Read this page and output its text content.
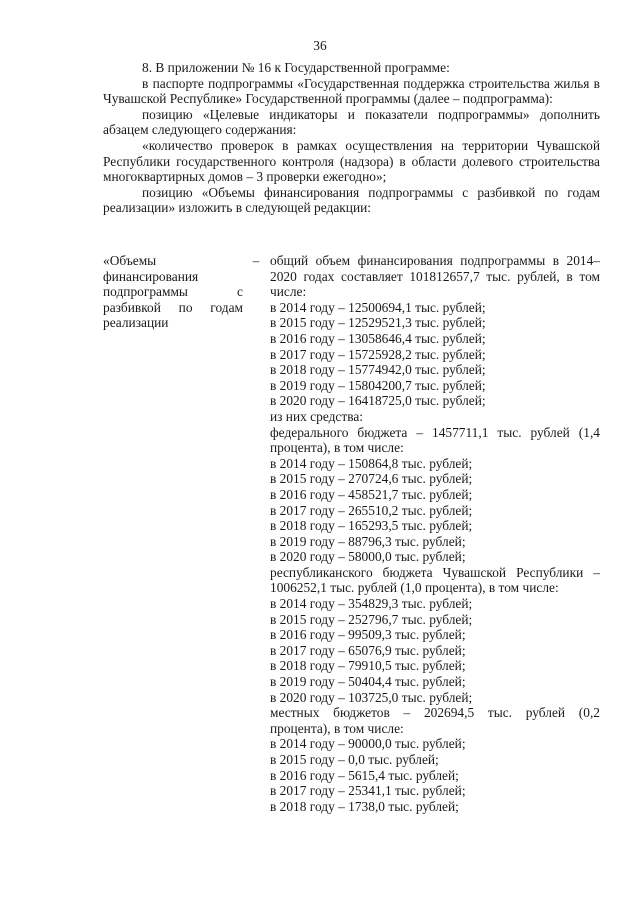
36

8. В приложении № 16 к Государственной программе:

в паспорте подпрограммы «Государственная поддержка строительства жилья в Чувашской Республике» Государственной программы (далее – подпрограмма):

позицию «Целевые индикаторы и показатели подпрограммы» дополнить абзацем следующего содержания:

«количество проверок в рамках осуществления на территории Чувашской Республики государственного контроля (надзора) в области долевого строительства многоквартирных домов – 3 проверки ежегодно»;

позицию «Объемы финансирования подпрограммы с разбивкой по годам реализации» изложить в следующей редакции:

«Объемы финансирования подпрограммы с разбивкой по годам реализации
– общий объем финансирования подпрограммы в 2014–2020 годах составляет 101812657,7 тыс. рублей, в том числе:
в 2014 году – 12500694,1 тыс. рублей;
в 2015 году – 12529521,3 тыс. рублей;
в 2016 году – 13058646,4 тыс. рублей;
в 2017 году – 15725928,2 тыс. рублей;
в 2018 году – 15774942,0 тыс. рублей;
в 2019 году – 15804200,7 тыс. рублей;
в 2020 году – 16418725,0 тыс. рублей;
из них средства:
федерального бюджета – 1457711,1 тыс. рублей (1,4 процента), в том числе:
в 2014 году – 150864,8 тыс. рублей;
в 2015 году – 270724,6 тыс. рублей;
в 2016 году – 458521,7 тыс. рублей;
в 2017 году – 265510,2 тыс. рублей;
в 2018 году – 165293,5 тыс. рублей;
в 2019 году – 88796,3 тыс. рублей;
в 2020 году – 58000,0 тыс. рублей;
республиканского бюджета Чувашской Республики – 1006252,1 тыс. рублей (1,0 процента), в том числе:
в 2014 году – 354829,3 тыс. рублей;
в 2015 году – 252796,7 тыс. рублей;
в 2016 году – 99509,3 тыс. рублей;
в 2017 году – 65076,9 тыс. рублей;
в 2018 году – 79910,5 тыс. рублей;
в 2019 году – 50404,4 тыс. рублей;
в 2020 году – 103725,0 тыс. рублей;
местных бюджетов – 202694,5 тыс. рублей (0,2 процента), в том числе:
в 2014 году – 90000,0 тыс. рублей;
в 2015 году – 0,0 тыс. рублей;
в 2016 году – 5615,4 тыс. рублей;
в 2017 году – 25341,1 тыс. рублей;
в 2018 году – 1738,0 тыс. рублей;
